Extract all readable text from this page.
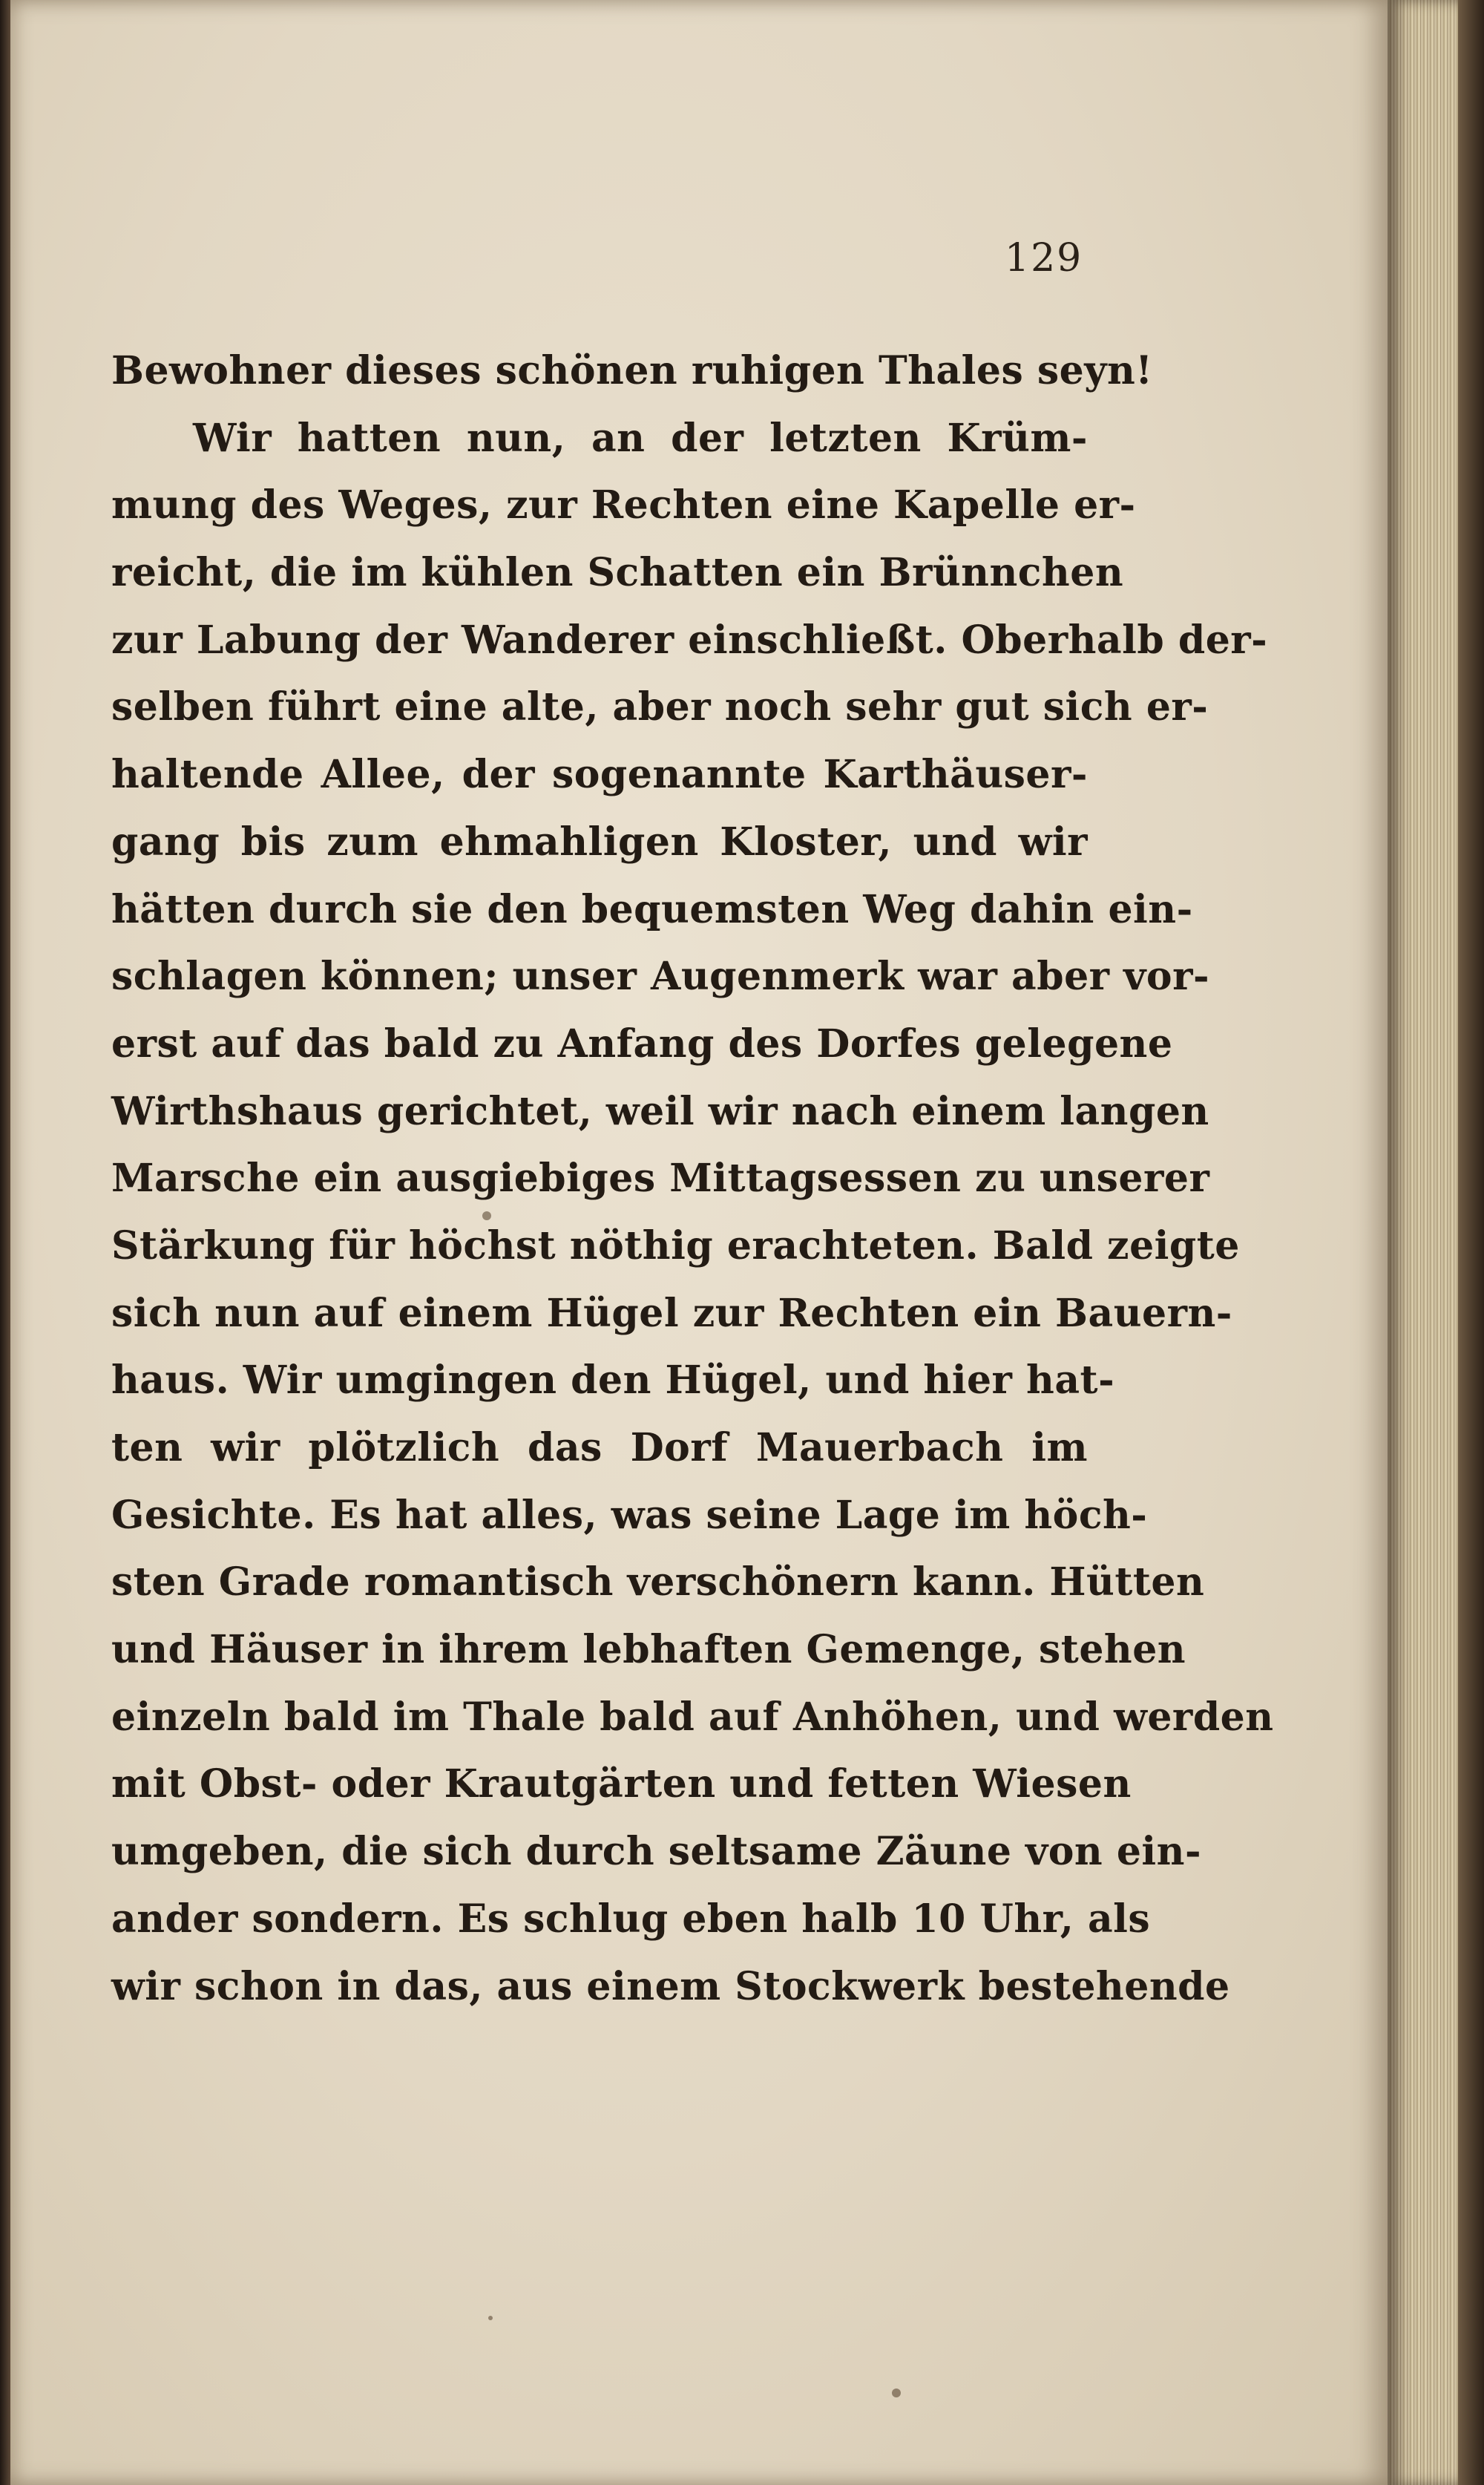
129
Bewohner dieses schönen ruhigen Thales seyn!
Wir hatten nun, an der letzten Krüm-
mung des Weges, zur Rechten eine Kapelle er-
reicht, die im kühlen Schatten ein Brünnchen
zur Labung der Wanderer einschließt. Oberhalb der-
selben führt eine alte, aber noch sehr gut sich er-
haltende Allee, der sogenannte Karthäuser-
gang bis zum ehmahligen Kloster, und wir
hätten durch sie den bequemsten Weg dahin ein-
schlagen können; unser Augenmerk war aber vor-
erst auf das bald zu Anfang des Dorfes gelegene
Wirthshaus gerichtet, weil wir nach einem langen
Marsche ein ausgiebiges Mittagsessen zu unserer
Stärkung für höchst nöthig erachteten. Bald zeigte
sich nun auf einem Hügel zur Rechten ein Bauern-
haus. Wir umgingen den Hügel, und hier hat-
ten wir plötzlich das Dorf Mauerbach im
Gesichte. Es hat alles, was seine Lage im höch-
sten Grade romantisch verschönern kann. Hütten
und Häuser in ihrem lebhaften Gemenge, stehen
einzeln bald im Thale bald auf Anhöhen, und werden
mit Obst- oder Krautgärten und fetten Wiesen
umgeben, die sich durch seltsame Zäune von ein-
ander sondern. Es schlug eben halb 10 Uhr, als
wir schon in das, aus einem Stockwerk bestehende
